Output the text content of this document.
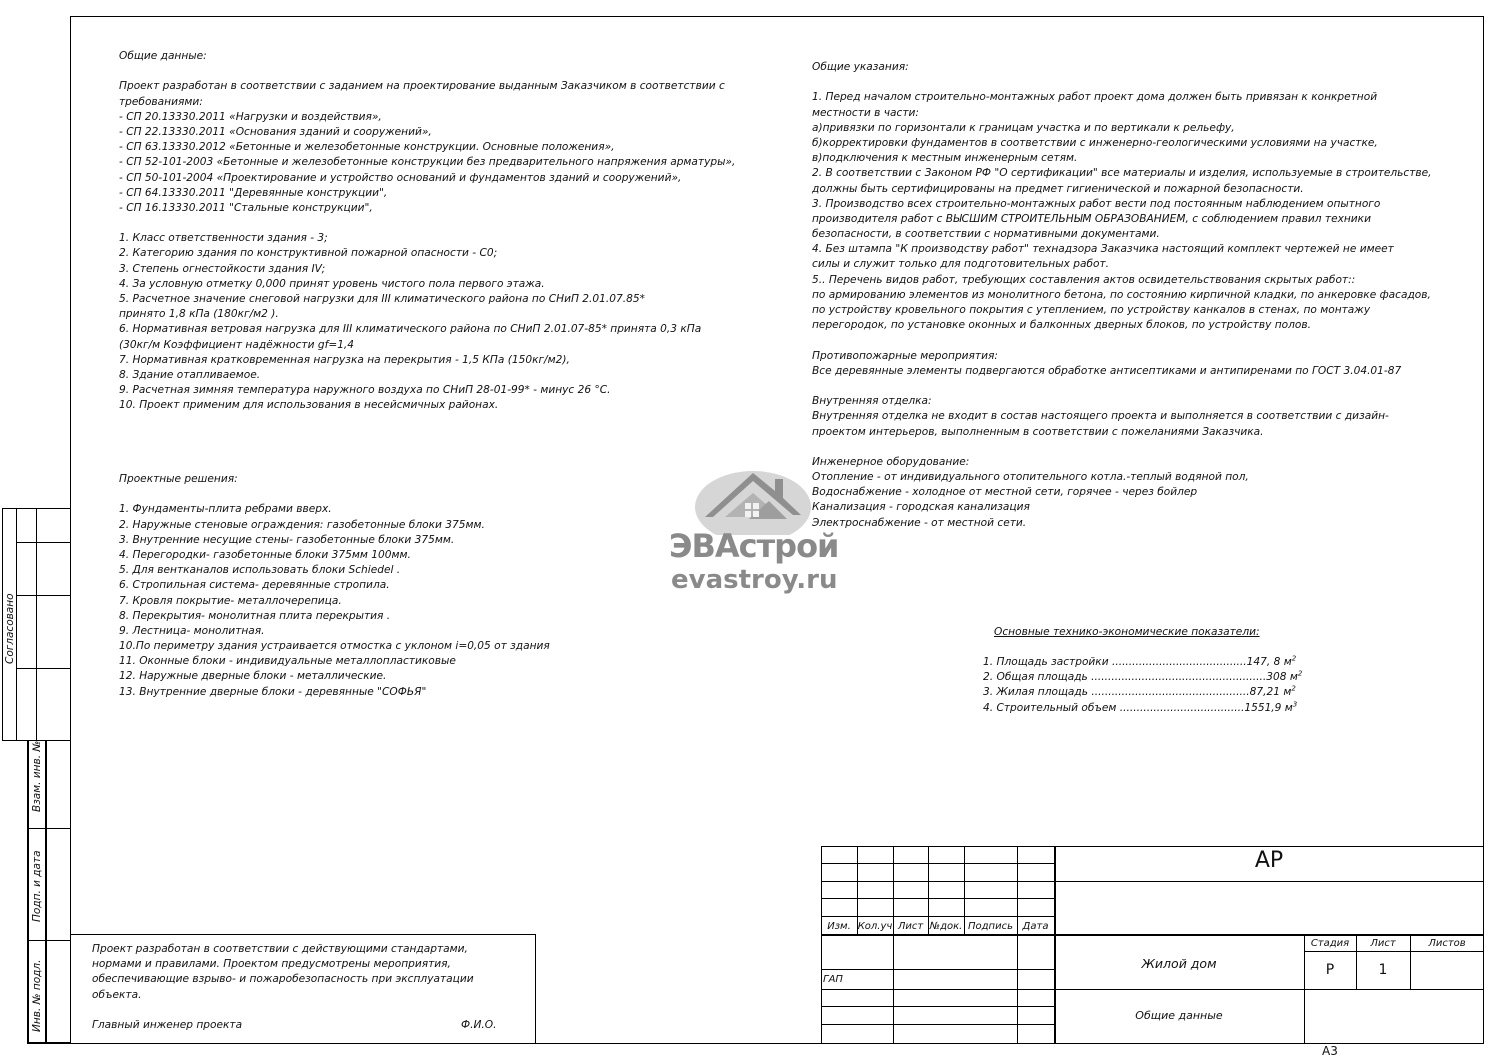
Согласовано
Взам. инв. №
Подп. и дата
Инв. № подл.
Общие данные:
Проект разработан в соответствии с заданием на проектирование выданным Заказчиком в соответствии с
требованиями:
- СП 20.13330.2011 «Нагрузки и воздействия»,
- СП 22.13330.2011 «Основания зданий и сооружений»,
- СП 63.13330.2012 «Бетонные и железобетонные конструкции. Основные положения»,
- СП 52-101-2003 «Бетонные и железобетонные конструкции без предварительного напряжения арматуры»,
- СП 50-101-2004 «Проектирование и устройство оснований и фундаментов зданий и сооружений»,
- СП 64.13330.2011 "Деревянные конструкции",
- СП 16.13330.2011 "Стальные конструкции",
1. Класс ответственности здания - 3;
2. Категорию здания по конструктивной пожарной опасности - С0;
3. Степень огнестойкости здания IV;
4. За условную отметку 0,000 принят уровень чистого пола первого этажа.
5. Расчетное значение снеговой нагрузки для III климатического района по СНиП 2.01.07.85*
принято 1,8 кПа (180кг/м2 ).
6. Нормативная ветровая нагрузка для III климатического района по СНиП 2.01.07-85* принята 0,3 кПа
(30кг/м Коэффициент надёжности gf=1,4
7. Нормативная кратковременная нагрузка на перекрытия - 1,5 КПа (150кг/м2),
8. Здание отапливаемое.
9. Расчетная зимняя температура наружного воздуха по СНиП 28-01-99* - минус 26 °С.
10. Проект применим для использования в несейсмичных районах.
Проектные решения:
1. Фундаменты-плита ребрами вверх.
2. Наружные стеновые ограждения: газобетонные блоки 375мм.
3. Внутренние несущие стены- газобетонные блоки 375мм.
4. Перегородки- газобетонные блоки 375мм 100мм.
5. Для вентканалов использовать блоки Schiedel .
6. Стропильная система- деревянные стропила.
7. Кровля покрытие- металлочерепица.
8. Перекрытия- монолитная плита перекрытия .
9. Лестница- монолитная.
10.По периметру здания устраивается отмостка с уклоном i=0,05 от здания
11. Оконные блоки - индивидуальные металлопластиковые
12. Наружные дверные блоки - металлические.
13. Внутренние дверные блоки - деревянные "СОФЬЯ"
Общие указания:
1. Перед началом строительно-монтажных работ проект дома должен быть привязан к конкретной
местности в части:
а)привязки по горизонтали к границам участка и по вертикали к рельефу,
б)корректировки фундаментов в соответствии с инженерно-геологическими условиями на участке,
в)подключения к местным инженерным сетям.
2. В соответствии с Законом РФ "О сертификации" все материалы и изделия, используемые в строительстве,
должны быть сертифицированы на предмет гигиенической и пожарной безопасности.
3. Производство всех строительно-монтажных работ вести под постоянным наблюдением опытного
производителя работ с ВЫСШИМ СТРОИТЕЛЬНЫМ ОБРАЗОВАНИЕМ, с соблюдением правил техники
безопасности, в соответствии с нормативными документами.
4. Без штампа "К производству работ" технадзора Заказчика настоящий комплект чертежей не имеет
силы и служит только для подготовительных работ.
5.. Перечень видов работ, требующих составления актов освидетельствования скрытых работ::
по армированию элементов из монолитного бетона, по состоянию кирпичной кладки, по анкеровке фасадов,
по устройству кровельного покрытия с утеплением, по устройству канкалов в стенах, по монтажу
перегородок, по установке оконных и балконных дверных блоков, по устройству полов.
Противопожарные мероприятия:
Все деревянные элементы подвергаются обработке антисептиками и антипиренами по ГОСТ 3.04.01-87
Внутренняя отделка:
Внутренняя отделка не входит в состав настоящего проекта и выполняется в соответствии с дизайн-
проектом интерьеров, выполненным в соответствии с пожеланиями Заказчика.
Инженерное оборудование:
Отопление - от индивидуального отопительного котла.-теплый водяной пол,
Водоснабжение - холодное от местной сети, горячее - через бойлер
Канализация - городская канализация
Электроснабжение - от местной сети.
Основные технико-экономические показатели:
1. Площадь застройки ........................................147, 8 $м^2$
2. Общая площадь ....................................................308 $м^2$
3. Жилая площадь ...............................................87,21 $м^2$
4. Строительный объем .....................................1551,9 $м^3$
ЭВАстрой
evastroy.ru
Проект разработан в соответствии с действующими стандартами,
нормами и правилами. Проектом предусмотрены мероприятия,
обеспечивающие взрыво- и пожаробезопасность при эксплуатации
объекта.
Главный инженер проекта	Ф.И.О.
АР
Изм. Кол.уч Лист №док. Подпись Дата
ГАП
Жилой дом
Стадия	Лист	Листов
Р	1
Общие данные
А3
